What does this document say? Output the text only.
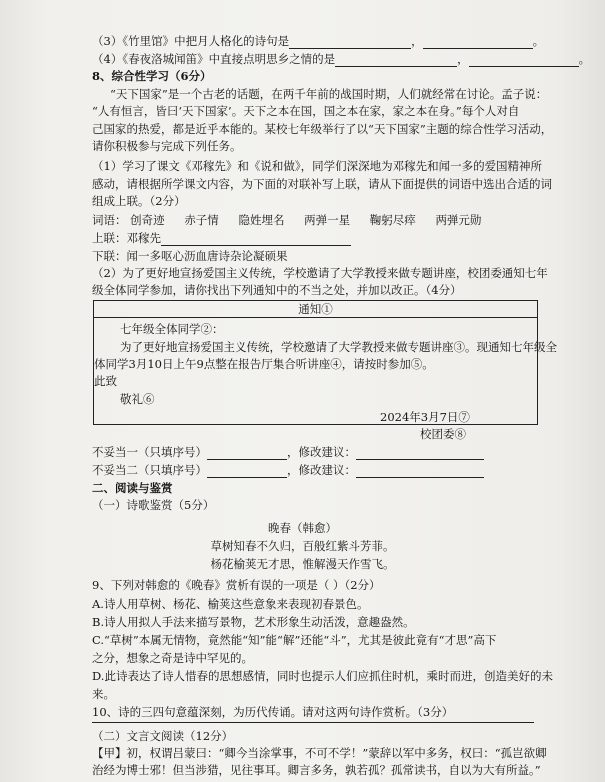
（3）《竹里馆》中把月人格化的诗句是	，	。
（4）《春夜洛城闻笛》中直接点明思乡之情的是	，	。
8、综合性学习（6分）
“天下国家”是一个古老的话题，在两千年前的战国时期，人们就经常在讨论。孟子说：
“人有恒言，皆曰‘天下国家’。天下之本在国，国之本在家，家之本在身。”每个人对自
己国家的热爱，都是近乎本能的。某校七年级举行了以“天下国家”主题的综合性学习活动，
请你积极参与完成下列任务。
（1）学习了课文《邓稼先》和《说和做》，同学们深深地为邓稼先和闻一多的爱国精神所
感动，请根据所学课文内容，为下面的对联补写上联，请从下面提供的词语中选出合适的词
组成上联。（2分）
词语： 创奇迹 赤子情 隐姓埋名 两弹一星 鞠躬尽瘁 两弹元勋
上联：邓稼先
下联：闻一多呕心沥血唐诗杂论凝硕果
（2）为了更好地宣扬爱国主义传统，学校邀请了大学教授来做专题讲座，校团委通知七年
级全体同学参加，请你找出下列通知中的不当之处，并加以改正。（4分）
通知①
七年级全体同学②：
为了更好地宣扬爱国主义传统，学校邀请了大学教授来做专题讲座③。现通知七年级全
体同学3月10日上午9点整在报告厅集合听讲座④，请按时参加⑤。
此致
敬礼⑥
2024年3月7日⑦
校团委⑧
不妥当一（只填序号）	，修改建议：
不妥当二（只填序号）	，修改建议：
二、阅读与鉴赏
（一）诗歌鉴赏（5分）
晚春（韩愈）
草树知春不久归，百般红紫斗芳菲。
杨花榆荚无才思，惟解漫天作雪飞。
9、下列对韩愈的《晚春》赏析有误的一项是（ ）（2分）
A.诗人用草树、杨花、榆荚这些意象来表现初春景色。
B.诗人用拟人手法来描写景物，艺术形象生动活泼，意趣盎然。
C.“草树”本属无情物，竟然能“知”能“解”还能“斗”，尤其是彼此竟有“才思”高下
之分，想象之奇是诗中罕见的。
D.此诗表达了诗人惜春的思想感情，同时也提示人们应抓住时机，乘时而进，创造美好的未
来。
10、诗的三四句意蕴深刻，为历代传诵。请对这两句诗作赏析。（3分）
（二）文言文阅读（12分）
【甲】初，权谓吕蒙曰：“卿今当涂掌事，不可不学！”蒙辞以军中多务，权曰：“孤岂欲卿
治经为博士邪！但当涉猎，见往事耳。卿言多务，孰若孤？孤常读书，自以为大有所益。”
